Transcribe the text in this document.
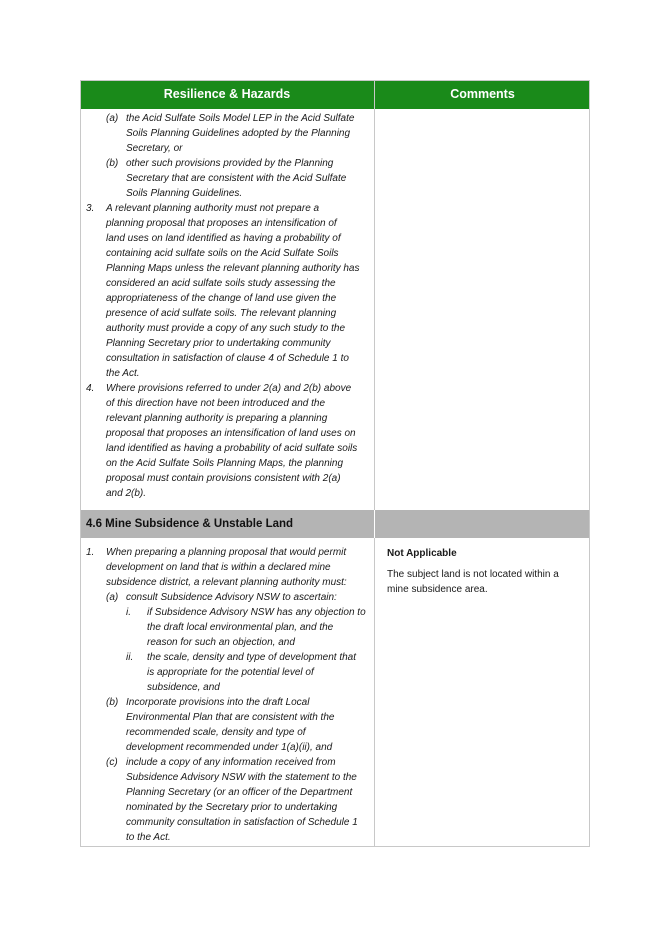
Resilience & Hazards	Comments
(a) the Acid Sulfate Soils Model LEP in the Acid Sulfate
Soils Planning Guidelines adopted by the Planning
Secretary, or
(b) other such provisions provided by the Planning
Secretary that are consistent with the Acid Sulfate
Soils Planning Guidelines.
3. A relevant planning authority must not prepare a
planning proposal that proposes an intensification of
land uses on land identified as having a probability of
containing acid sulfate soils on the Acid Sulfate Soils
Planning Maps unless the relevant planning authority has
considered an acid sulfate soils study assessing the
appropriateness of the change of land use given the
presence of acid sulfate soils. The relevant planning
authority must provide a copy of any such study to the
Planning Secretary prior to undertaking community
consultation in satisfaction of clause 4 of Schedule 1 to
the Act.
4. Where provisions referred to under 2(a) and 2(b) above
of this direction have not been introduced and the
relevant planning authority is preparing a planning
proposal that proposes an intensification of land uses on
land identified as having a probability of acid sulfate soils
on the Acid Sulfate Soils Planning Maps, the planning
proposal must contain provisions consistent with 2(a)
and 2(b).
4.6 Mine Subsidence & Unstable Land
1. When preparing a planning proposal that would permit
development on land that is within a declared mine
subsidence district, a relevant planning authority must:
(a) consult Subsidence Advisory NSW to ascertain:
i. if Subsidence Advisory NSW has any objection to
the draft local environmental plan, and the
reason for such an objection, and
ii. the scale, density and type of development that
is appropriate for the potential level of
subsidence, and
(b) Incorporate provisions into the draft Local
Environmental Plan that are consistent with the
recommended scale, density and type of
development recommended under 1(a)(ii), and
(c) include a copy of any information received from
Subsidence Advisory NSW with the statement to the
Planning Secretary (or an officer of the Department
nominated by the Secretary prior to undertaking
community consultation in satisfaction of Schedule 1
to the Act.
Not Applicable
The subject land is not located within a
mine subsidence area.
